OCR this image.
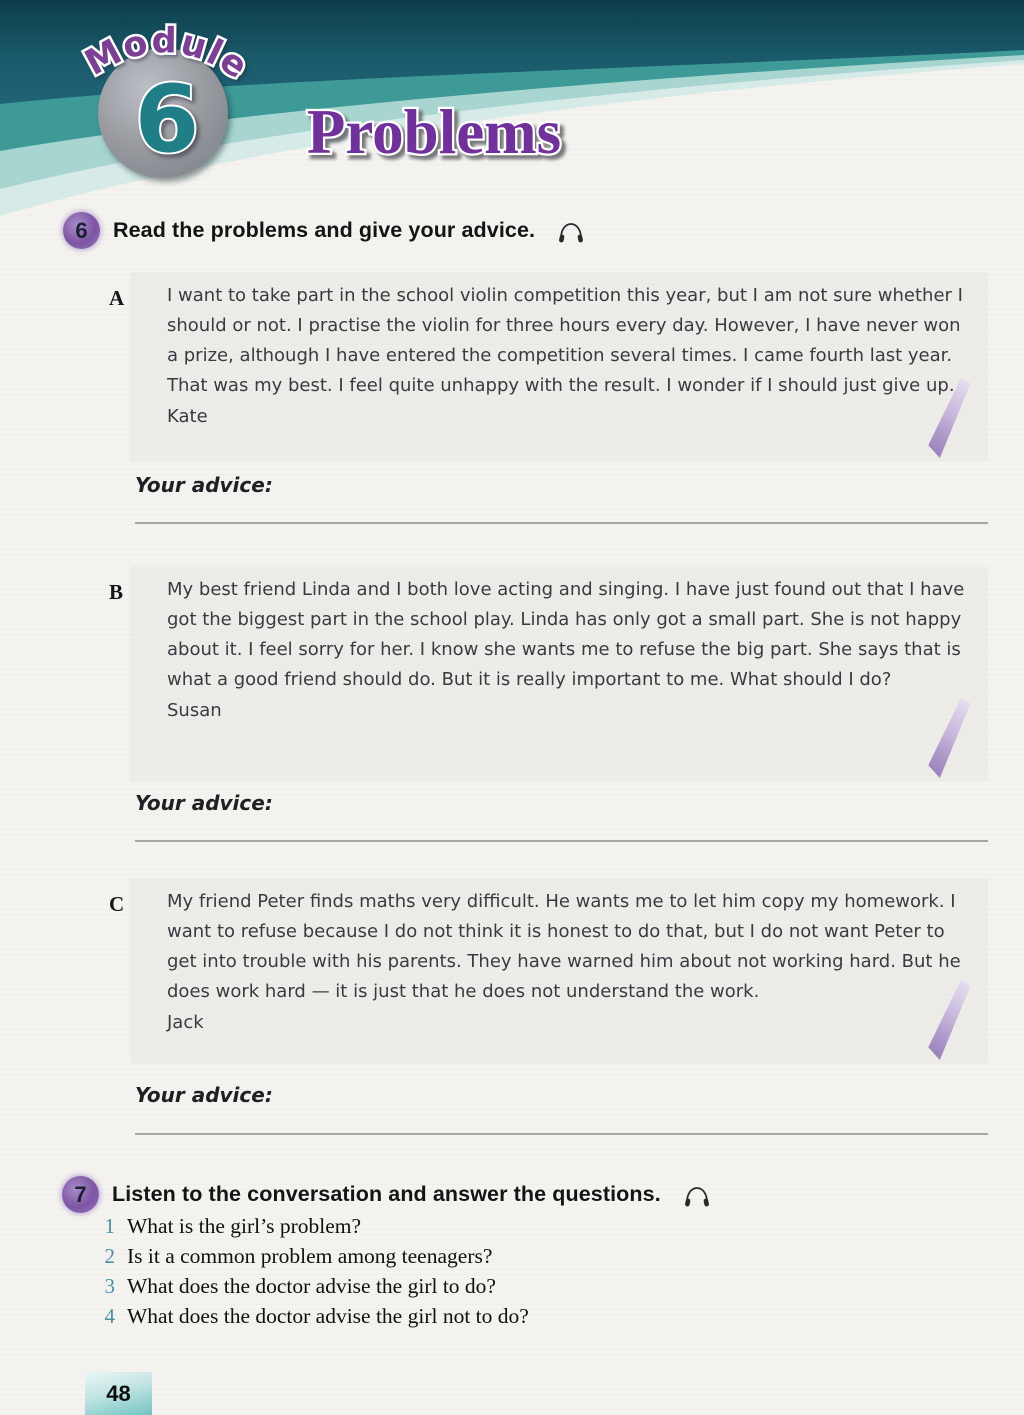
6
Module
Problems
6	Read the problems and give your advice.
A I want to take part in the school violin competition this year, but I am not sure whether I should or not. I practise the violin for three hours every day. However, I have never won a prize, although I have entered the competition several times. I came fourth last year. That was my best. I feel quite unhappy with the result. I wonder if I should just give up.
Kate
Your advice:
B My best friend Linda and I both love acting and singing. I have just found out that I have got the biggest part in the school play. Linda has only got a small part. She is not happy about it. I feel sorry for her. I know she wants me to refuse the big part. She says that is what a good friend should do. But it is really important to me. What should I do?
Susan
Your advice:
C My friend Peter finds maths very difficult. He wants me to let him copy my homework. I want to refuse because I do not think it is honest to do that, but I do not want Peter to get into trouble with his parents. They have warned him about not working hard. But he does work hard — it is just that he does not understand the work.
Jack
Your advice:
7	Listen to the conversation and answer the questions.
1 What is the girl’s problem?
2 Is it a common problem among teenagers?
3 What does the doctor advise the girl to do?
4 What does the doctor advise the girl not to do?
48
